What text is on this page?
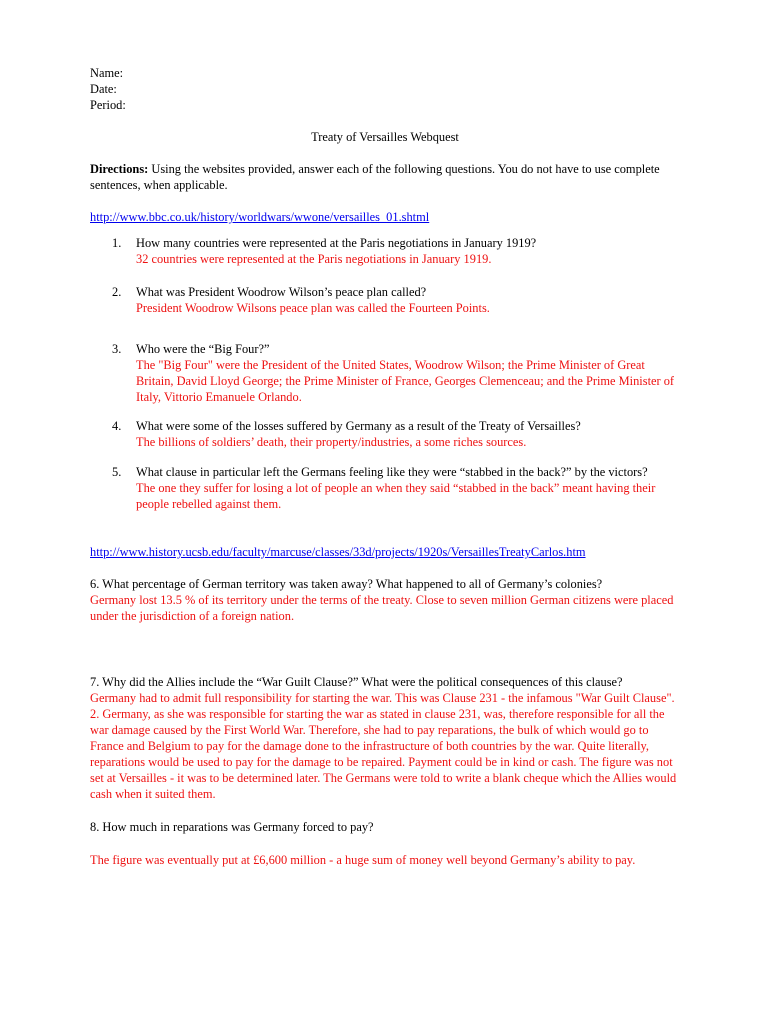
Name:
Date:
Period:
Treaty of Versailles Webquest
Directions: Using the websites provided, answer each of the following questions. You do not have to use complete sentences, when applicable.
http://www.bbc.co.uk/history/worldwars/wwone/versailles_01.shtml
1. How many countries were represented at the Paris negotiations in January 1919?
32 countries were represented at the Paris negotiations in January 1919.
2. What was President Woodrow Wilson’s peace plan called?
President Woodrow Wilsons peace plan was called the Fourteen Points.
3. Who were the “Big Four?”
The "Big Four" were the President of the United States, Woodrow Wilson; the Prime Minister of Great Britain, David Lloyd George; the Prime Minister of France, Georges Clemenceau; and the Prime Minister of Italy, Vittorio Emanuele Orlando.
4. What were some of the losses suffered by Germany as a result of the Treaty of Versailles?
The billions of soldiers’ death, their property/industries, a some riches sources.
5. What clause in particular left the Germans feeling like they were “stabbed in the back?” by the victors?
The one they suffer for losing a lot of people an when they said “stabbed in the back” meant having their people rebelled against them.
http://www.history.ucsb.edu/faculty/marcuse/classes/33d/projects/1920s/VersaillesTreatyCarlos.htm
6. What percentage of German territory was taken away? What happened to all of Germany’s colonies?
Germany lost 13.5 % of its territory under the terms of the treaty. Close to seven million German citizens were placed under the jurisdiction of a foreign nation.
7. Why did the Allies include the “War Guilt Clause?” What were the political consequences of this clause?
Germany had to admit full responsibility for starting the war. This was Clause 231 - the infamous "War Guilt Clause". 2. Germany, as she was responsible for starting the war as stated in clause 231, was, therefore responsible for all the war damage caused by the First World War. Therefore, she had to pay reparations, the bulk of which would go to France and Belgium to pay for the damage done to the infrastructure of both countries by the war. Quite literally, reparations would be used to pay for the damage to be repaired. Payment could be in kind or cash. The figure was not set at Versailles - it was to be determined later. The Germans were told to write a blank cheque which the Allies would cash when it suited them.
8. How much in reparations was Germany forced to pay?
The figure was eventually put at £6,600 million - a huge sum of money well beyond Germany’s ability to pay.
